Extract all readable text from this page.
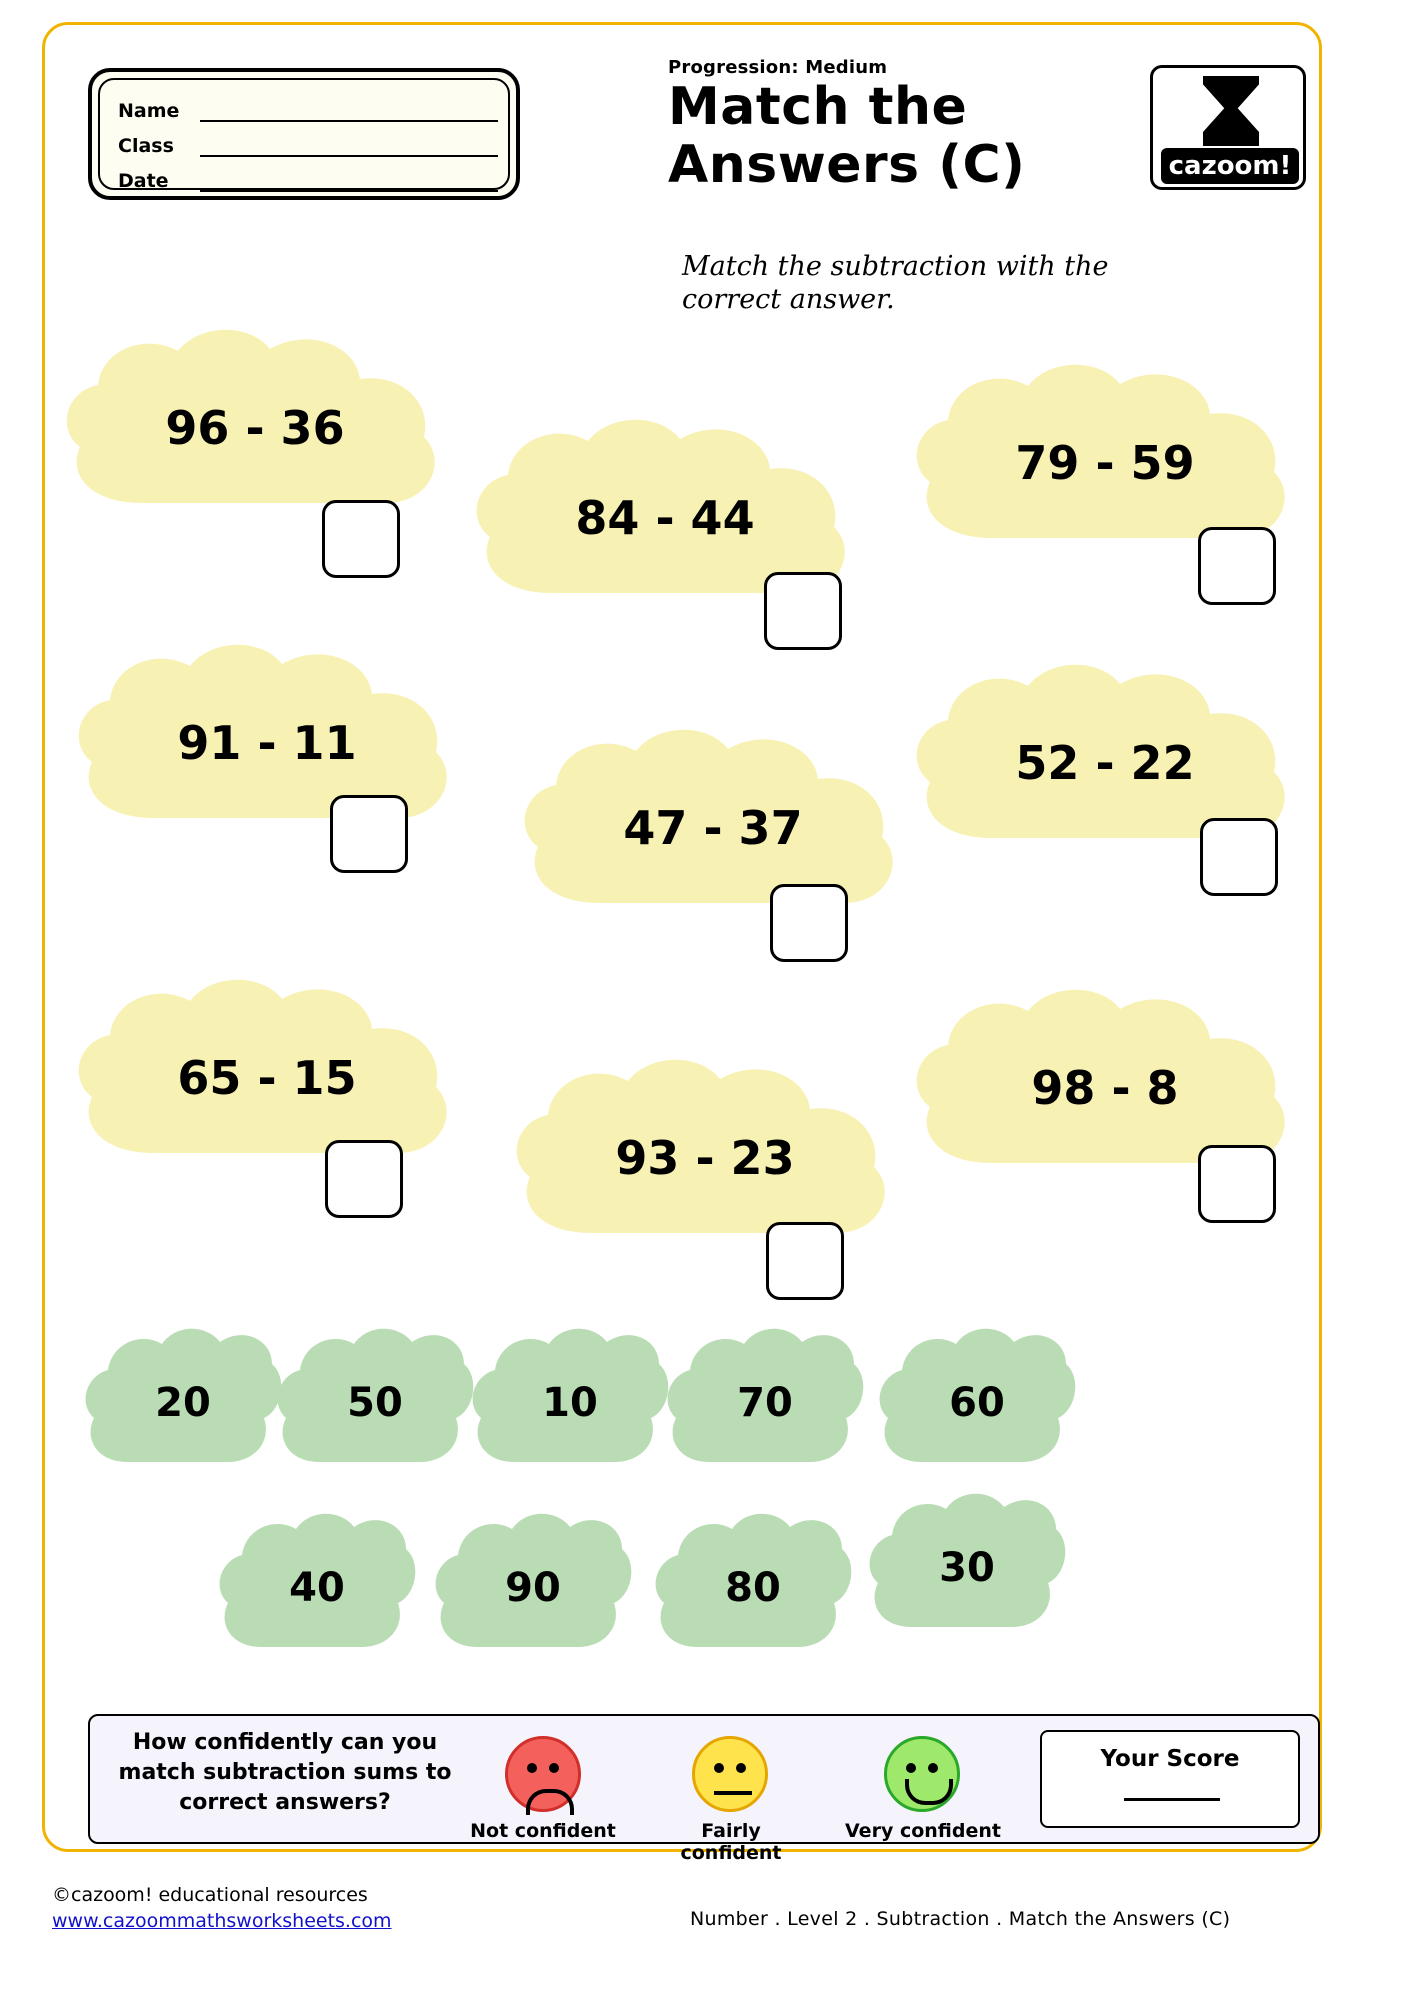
Name
Class
Date
Progression: Medium
Match the Answers (C)
Match the subtraction with the correct answer.
cazoom!
96 - 36
84 - 44
79 - 59
91 - 11
47 - 37
52 - 22
65 - 15
93 - 23
98 - 8
20	50	10	70	60
40	90	80	30
How confidently can you match subtraction sums to correct answers?
Not confident	Fairly confident
Very confident
Your Score
©cazoom! educational resources
www.cazoommathsworksheets.com	Number . Level 2 . Subtraction . Match the Answers (C)
